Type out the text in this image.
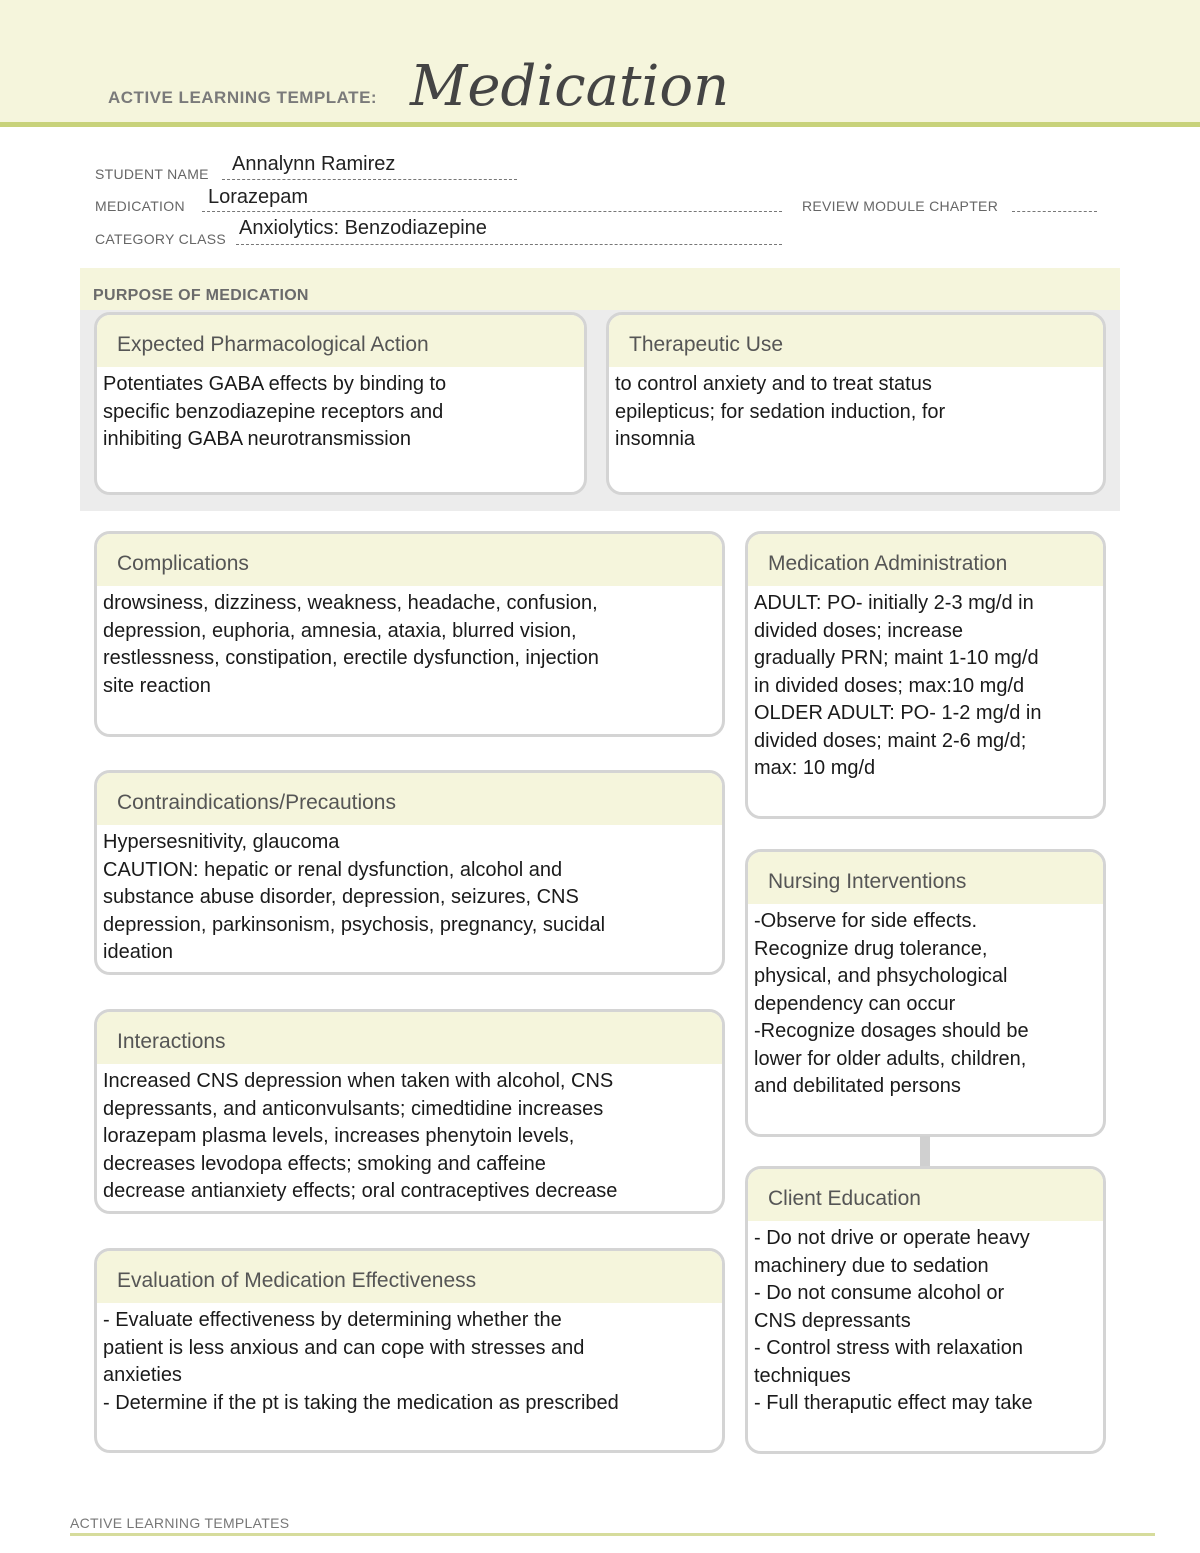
ACTIVE LEARNING TEMPLATE: Medication
STUDENT NAME Annalynn Ramirez
MEDICATION Lorazepam	REVIEW MODULE CHAPTER
CATEGORY CLASS Anxiolytics: Benzodiazepine
PURPOSE OF MEDICATION
Expected Pharmacological Action
Potentiates GABA effects by binding to
specific benzodiazepine receptors and
inhibiting GABA neurotransmission
Therapeutic Use
to control anxiety and to treat status
epilepticus; for sedation induction, for
insomnia
Complications
drowsiness, dizziness, weakness, headache, confusion,
depression, euphoria, amnesia, ataxia, blurred vision,
restlessness, constipation, erectile dysfunction, injection
site reaction
Contraindications/Precautions
Hypersesnitivity, glaucoma
CAUTION: hepatic or renal dysfunction, alcohol and
substance abuse disorder, depression, seizures, CNS
depression, parkinsonism, psychosis, pregnancy, sucidal
ideation
Interactions
Increased CNS depression when taken with alcohol, CNS
depressants, and anticonvulsants; cimedtidine increases
lorazepam plasma levels, increases phenytoin levels,
decreases levodopa effects; smoking and caffeine
decrease antianxiety effects; oral contraceptives decrease
Evaluation of Medication Effectiveness
- Evaluate effectiveness by determining whether the
patient is less anxious and can cope with stresses and
anxieties
- Determine if the pt is taking the medication as prescribed
Medication Administration
ADULT: PO- initially 2-3 mg/d in
divided doses; increase
gradually PRN; maint 1-10 mg/d
in divided doses; max:10 mg/d
OLDER ADULT: PO- 1-2 mg/d in
divided doses; maint 2-6 mg/d;
max: 10 mg/d
Nursing Interventions
-Observe for side effects.
Recognize drug tolerance,
physical, and phsychological
dependency can occur
-Recognize dosages should be
lower for older adults, children,
and debilitated persons
Client Education
- Do not drive or operate heavy
machinery due to sedation
- Do not consume alcohol or
CNS depressants
- Control stress with relaxation
techniques
- Full theraputic effect may take
ACTIVE LEARNING TEMPLATES
